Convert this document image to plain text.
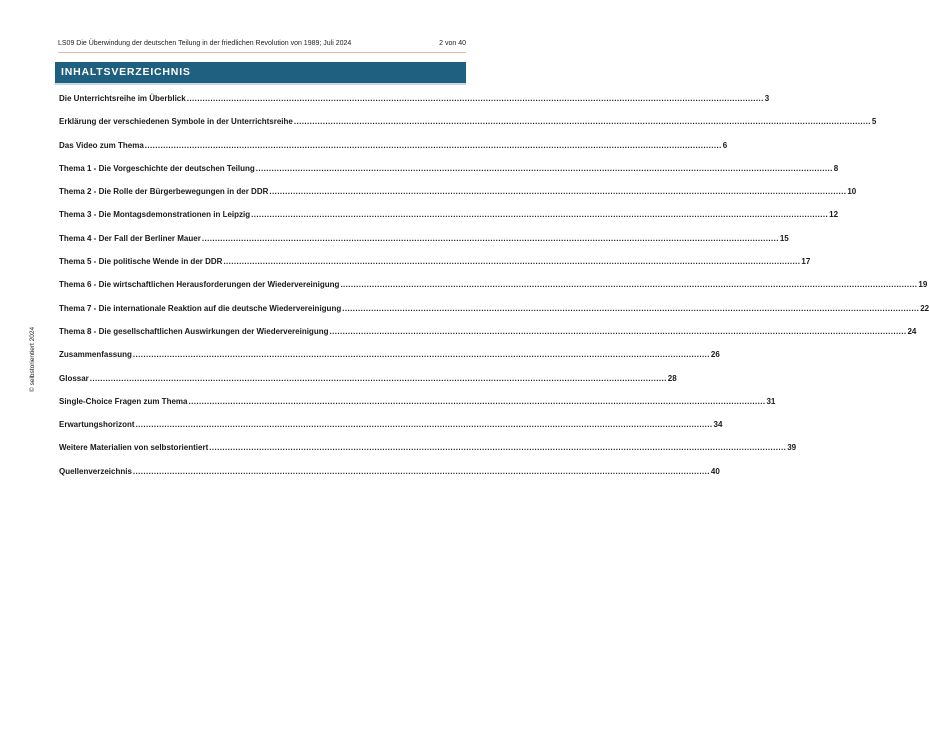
LS09 Die Überwindung der deutschen Teilung in der friedlichen Revolution von 1989; Juli 2024	2 von 40
INHALTSVERZEICHNIS
Die Unterrichtsreihe im Überblick ............................................................................................................................................................................................................................ 3
Erklärung der verschiedenen Symbole in der Unterrichtsreihe ............................................................................................................................................................................................................................ 5
Das Video zum Thema ............................................................................................................................................................................................................................ 6
Thema 1 - Die Vorgeschichte der deutschen Teilung ............................................................................................................................................................................................................................ 8
Thema 2 - Die Rolle der Bürgerbewegungen in der DDR ............................................................................................................................................................................................................................ 10
Thema 3 - Die Montagsdemonstrationen in Leipzig ............................................................................................................................................................................................................................ 12
Thema 4 - Der Fall der Berliner Mauer ............................................................................................................................................................................................................................ 15
Thema 5 - Die politische Wende in der DDR ............................................................................................................................................................................................................................ 17
Thema 6 - Die wirtschaftlichen Herausforderungen der Wiedervereinigung ............................................................................................................................................................................................................................ 19
Thema 7 - Die internationale Reaktion auf die deutsche Wiedervereinigung ............................................................................................................................................................................................................................ 22
Thema 8 - Die gesellschaftlichen Auswirkungen der Wiedervereinigung ............................................................................................................................................................................................................................ 24
Zusammenfassung ............................................................................................................................................................................................................................ 26
Glossar ............................................................................................................................................................................................................................ 28
Single-Choice Fragen zum Thema ............................................................................................................................................................................................................................ 31
Erwartungshorizont ............................................................................................................................................................................................................................ 34
Weitere Materialien von selbstorientiert ............................................................................................................................................................................................................................ 39
Quellenverzeichnis ............................................................................................................................................................................................................................ 40
© selbstorientiert 2024
